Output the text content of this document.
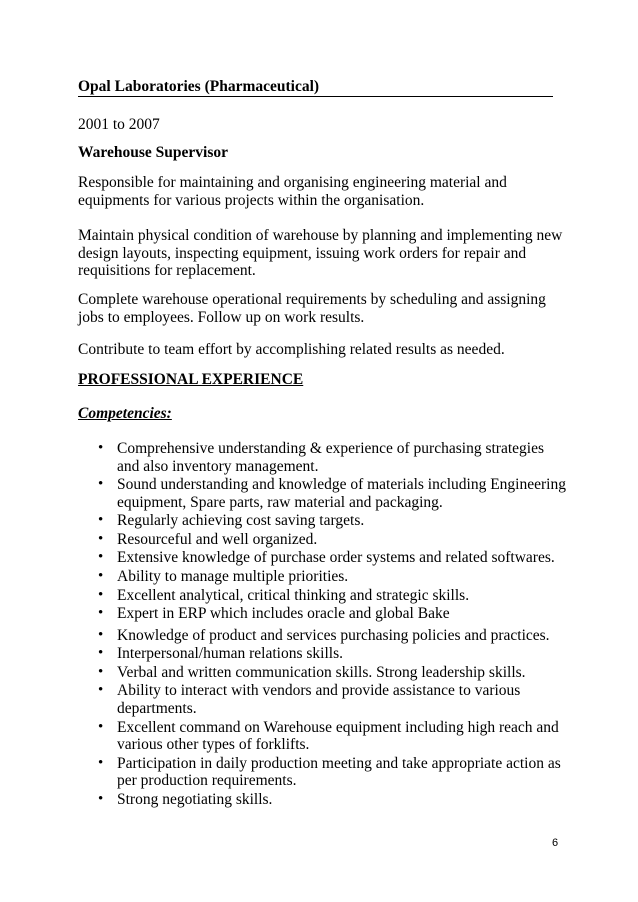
Opal Laboratories (Pharmaceutical)

2001 to 2007

Warehouse Supervisor

Responsible for maintaining and organising engineering material and equipments for various projects within the organisation.

Maintain physical condition of warehouse by planning and implementing new design layouts, inspecting equipment, issuing work orders for repair and requisitions for replacement.

Complete warehouse operational requirements by scheduling and assigning jobs to employees. Follow up on work results.

Contribute to team effort by accomplishing related results as needed.

PROFESSIONAL EXPERIENCE
Competencies:
• Comprehensive understanding & experience of purchasing strategies and also inventory management.
• Sound understanding and knowledge of materials including Engineering equipment, Spare parts, raw material and packaging.
• Regularly achieving cost saving targets.
• Resourceful and well organized.
• Extensive knowledge of purchase order systems and related softwares.
• Ability to manage multiple priorities.
• Excellent analytical, critical thinking and strategic skills.
• Expert in ERP which includes oracle and global Bake
• Knowledge of product and services purchasing policies and practices.
• Interpersonal/human relations skills.
• Verbal and written communication skills. Strong leadership skills.
• Ability to interact with vendors and provide assistance to various departments.
• Excellent command on Warehouse equipment including high reach and various other types of forklifts.
• Participation in daily production meeting and take appropriate action as per production requirements.
• Strong negotiating skills.
6
